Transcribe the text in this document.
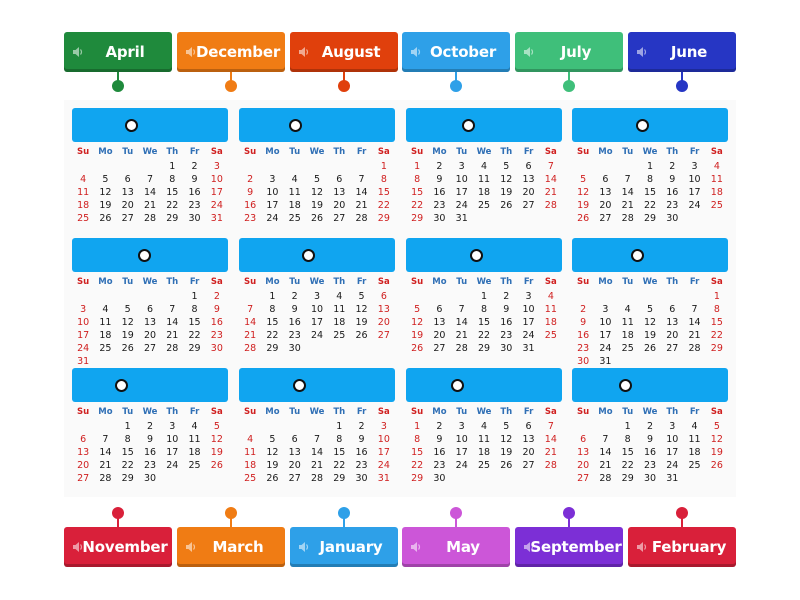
April	December	August	October	July	June
November	March	January	May	September	February
Su	Mo	Tu	We	Th	Fr	Sa
				1	2	3
4	5	6	7	8	9	10
11	12	13	14	15	16	17
18	19	20	21	22	23	24
25	26	27	28	29	30	31
Su	Mo	Tu	We	Th	Fr	Sa
						1
2	3	4	5	6	7	8
9	10	11	12	13	14	15
16	17	18	19	20	21	22
23	24	25	26	27	28	29
Su	Mo	Tu	We	Th	Fr	Sa
1	2	3	4	5	6	7
8	9	10	11	12	13	14
15	16	17	18	19	20	21
22	23	24	25	26	27	28
29	30	31				
Su	Mo	Tu	We	Th	Fr	Sa
			1	2	3	4
5	6	7	8	9	10	11
12	13	14	15	16	17	18
19	20	21	22	23	24	25
26	27	28	29	30		
Su	Mo	Tu	We	Th	Fr	Sa
					1	2
3	4	5	6	7	8	9
10	11	12	13	14	15	16
17	18	19	20	21	22	23
24	25	26	27	28	29	30
31						
Su	Mo	Tu	We	Th	Fr	Sa
	1	2	3	4	5	6
7	8	9	10	11	12	13
14	15	16	17	18	19	20
21	22	23	24	25	26	27
28	29	30				
Su	Mo	Tu	We	Th	Fr	Sa
			1	2	3	4
5	6	7	8	9	10	11
12	13	14	15	16	17	18
19	20	21	22	23	24	25
26	27	28	29	30	31	
Su	Mo	Tu	We	Th	Fr	Sa
						1
2	3	4	5	6	7	8
9	10	11	12	13	14	15
16	17	18	19	20	21	22
23	24	25	26	27	28	29
30	31					
Su	Mo	Tu	We	Th	Fr	Sa
		1	2	3	4	5
6	7	8	9	10	11	12
13	14	15	16	17	18	19
20	21	22	23	24	25	26
27	28	29	30			
Su	Mo	Tu	We	Th	Fr	Sa
				1	2	3
4	5	6	7	8	9	10
11	12	13	14	15	16	17
18	19	20	21	22	23	24
25	26	27	28	29	30	31
Su	Mo	Tu	We	Th	Fr	Sa
1	2	3	4	5	6	7
8	9	10	11	12	13	14
15	16	17	18	19	20	21
22	23	24	25	26	27	28
29	30					
Su	Mo	Tu	We	Th	Fr	Sa
		1	2	3	4	5
6	7	8	9	10	11	12
13	14	15	16	17	18	19
20	21	22	23	24	25	26
27	28	29	30	31		
